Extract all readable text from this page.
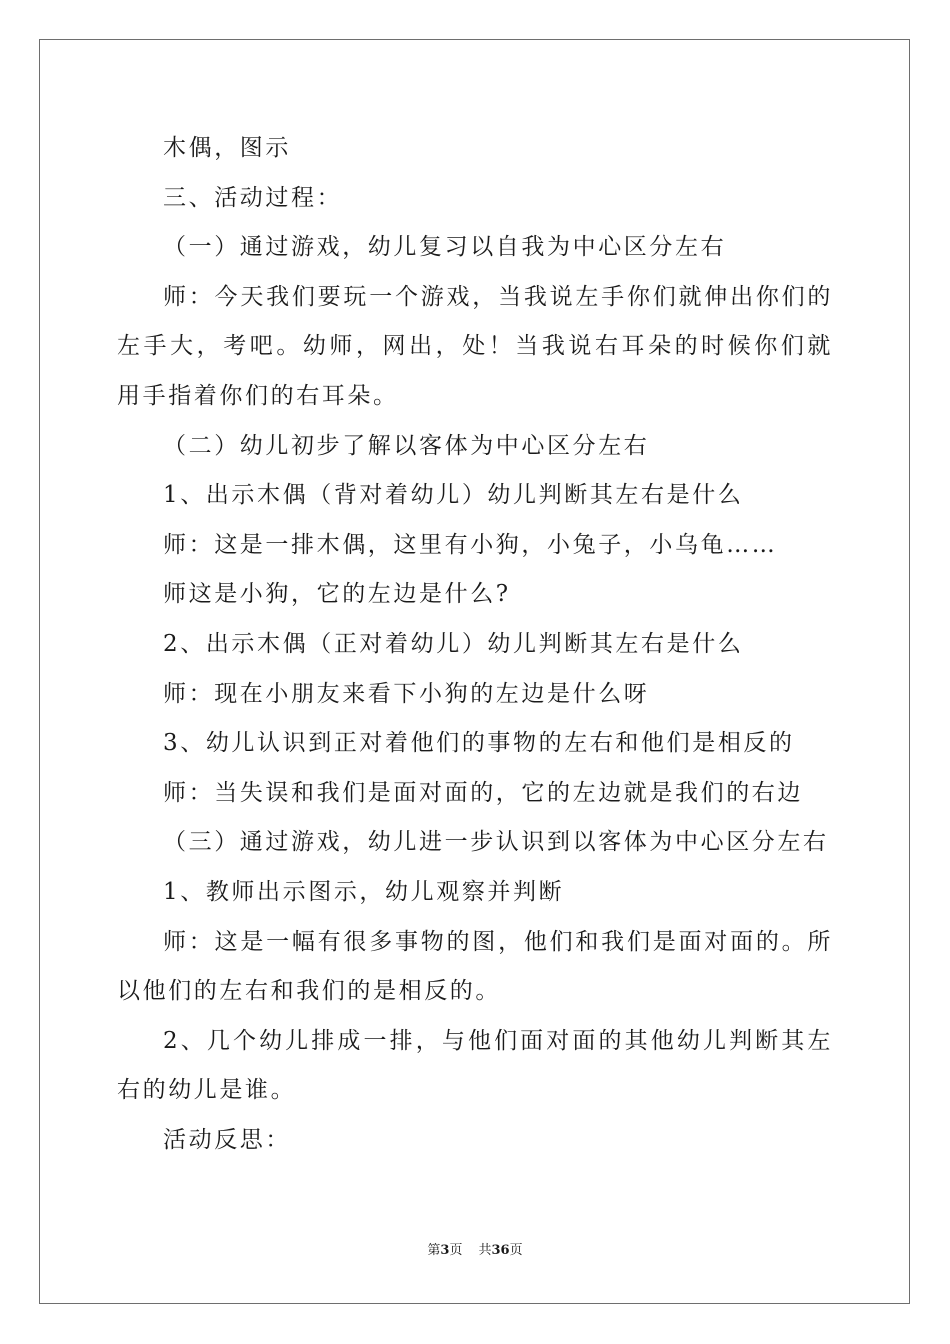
木偶，图示

三、活动过程：

（一）通过游戏，幼儿复习以自我为中心区分左右

师：今天我们要玩一个游戏，当我说左手你们就伸出你们的左手大，考吧。幼师，网出，处！当我说右耳朵的时候你们就用手指着你们的右耳朵。

（二）幼儿初步了解以客体为中心区分左右

1、出示木偶（背对着幼儿）幼儿判断其左右是什么

师：这是一排木偶，这里有小狗，小兔子，小乌龟……

师这是小狗，它的左边是什么?

2、出示木偶（正对着幼儿）幼儿判断其左右是什么

师：现在小朋友来看下小狗的左边是什么呀

3、幼儿认识到正对着他们的事物的左右和他们是相反的

师：当失误和我们是面对面的，它的左边就是我们的右边

（三）通过游戏，幼儿进一步认识到以客体为中心区分左右

1、教师出示图示，幼儿观察并判断

师：这是一幅有很多事物的图，他们和我们是面对面的。所以他们的左右和我们的是相反的。

2、几个幼儿排成一排，与他们面对面的其他幼儿判断其左右的幼儿是谁。

活动反思：

第3页 共36页
